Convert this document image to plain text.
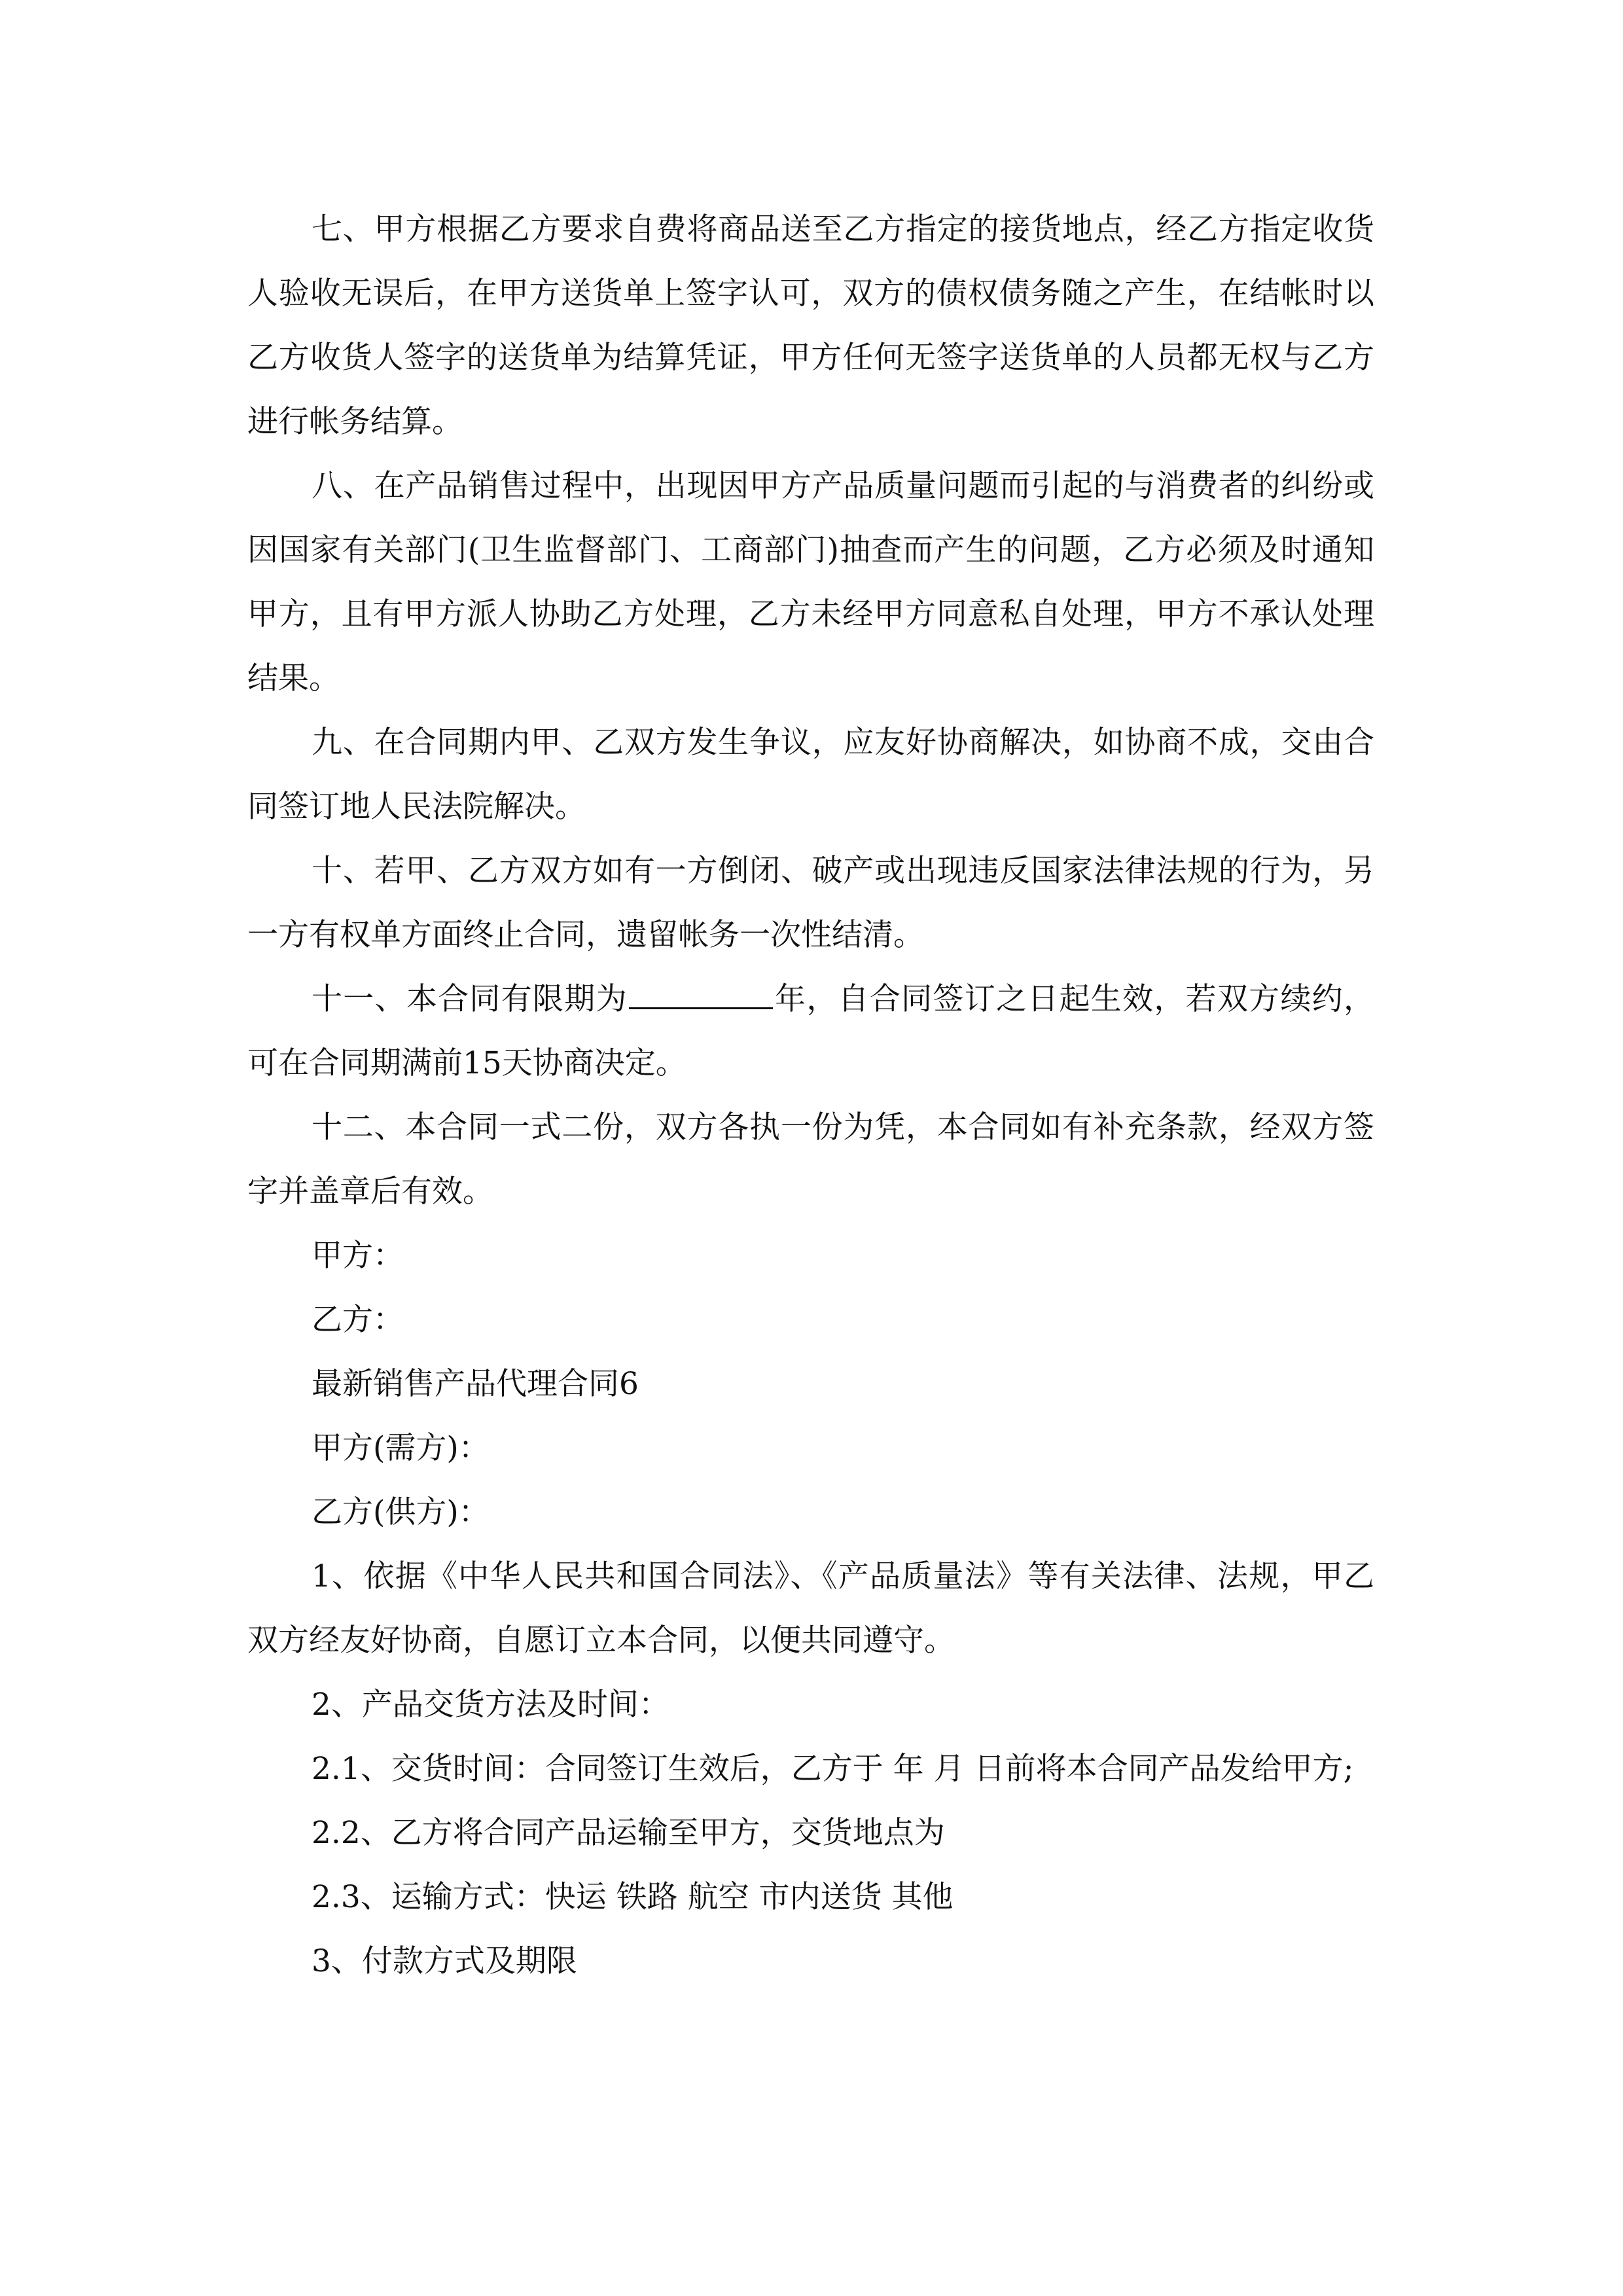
七、甲方根据乙方要求自费将商品送至乙方指定的接货地点，经乙方指定收货人验收无误后，在甲方送货单上签字认可，双方的债权债务随之产生，在结帐时以乙方收货人签字的送货单为结算凭证，甲方任何无签字送货单的人员都无权与乙方进行帐务结算。

八、在产品销售过程中，出现因甲方产品质量问题而引起的与消费者的纠纷或因国家有关部门(卫生监督部门、工商部门)抽查而产生的问题，乙方必须及时通知甲方，且有甲方派人协助乙方处理，乙方未经甲方同意私自处理，甲方不承认处理结果。

九、在合同期内甲、乙双方发生争议，应友好协商解决，如协商不成，交由合同签订地人民法院解决。

十、若甲、乙方双方如有一方倒闭、破产或出现违反国家法律法规的行为，另一方有权单方面终止合同，遗留帐务一次性结清。

十一、本合同有限期为	年，自合同签订之日起生效，若双方续约，可在合同期满前15天协商决定。

十二、本合同一式二份，双方各执一份为凭，本合同如有补充条款，经双方签字并盖章后有效。

甲方：

乙方：

最新销售产品代理合同6

甲方(需方)：

乙方(供方)：

1、依据《中华人民共和国合同法》、《产品质量法》等有关法律、法规，甲乙双方经友好协商，自愿订立本合同，以便共同遵守。

2、产品交货方法及时间：

2.1、交货时间：合同签订生效后，乙方于 年 月 日前将本合同产品发给甲方;

2.2、乙方将合同产品运输至甲方，交货地点为

2.3、运输方式：快运 铁路 航空 市内送货 其他

3、付款方式及期限
